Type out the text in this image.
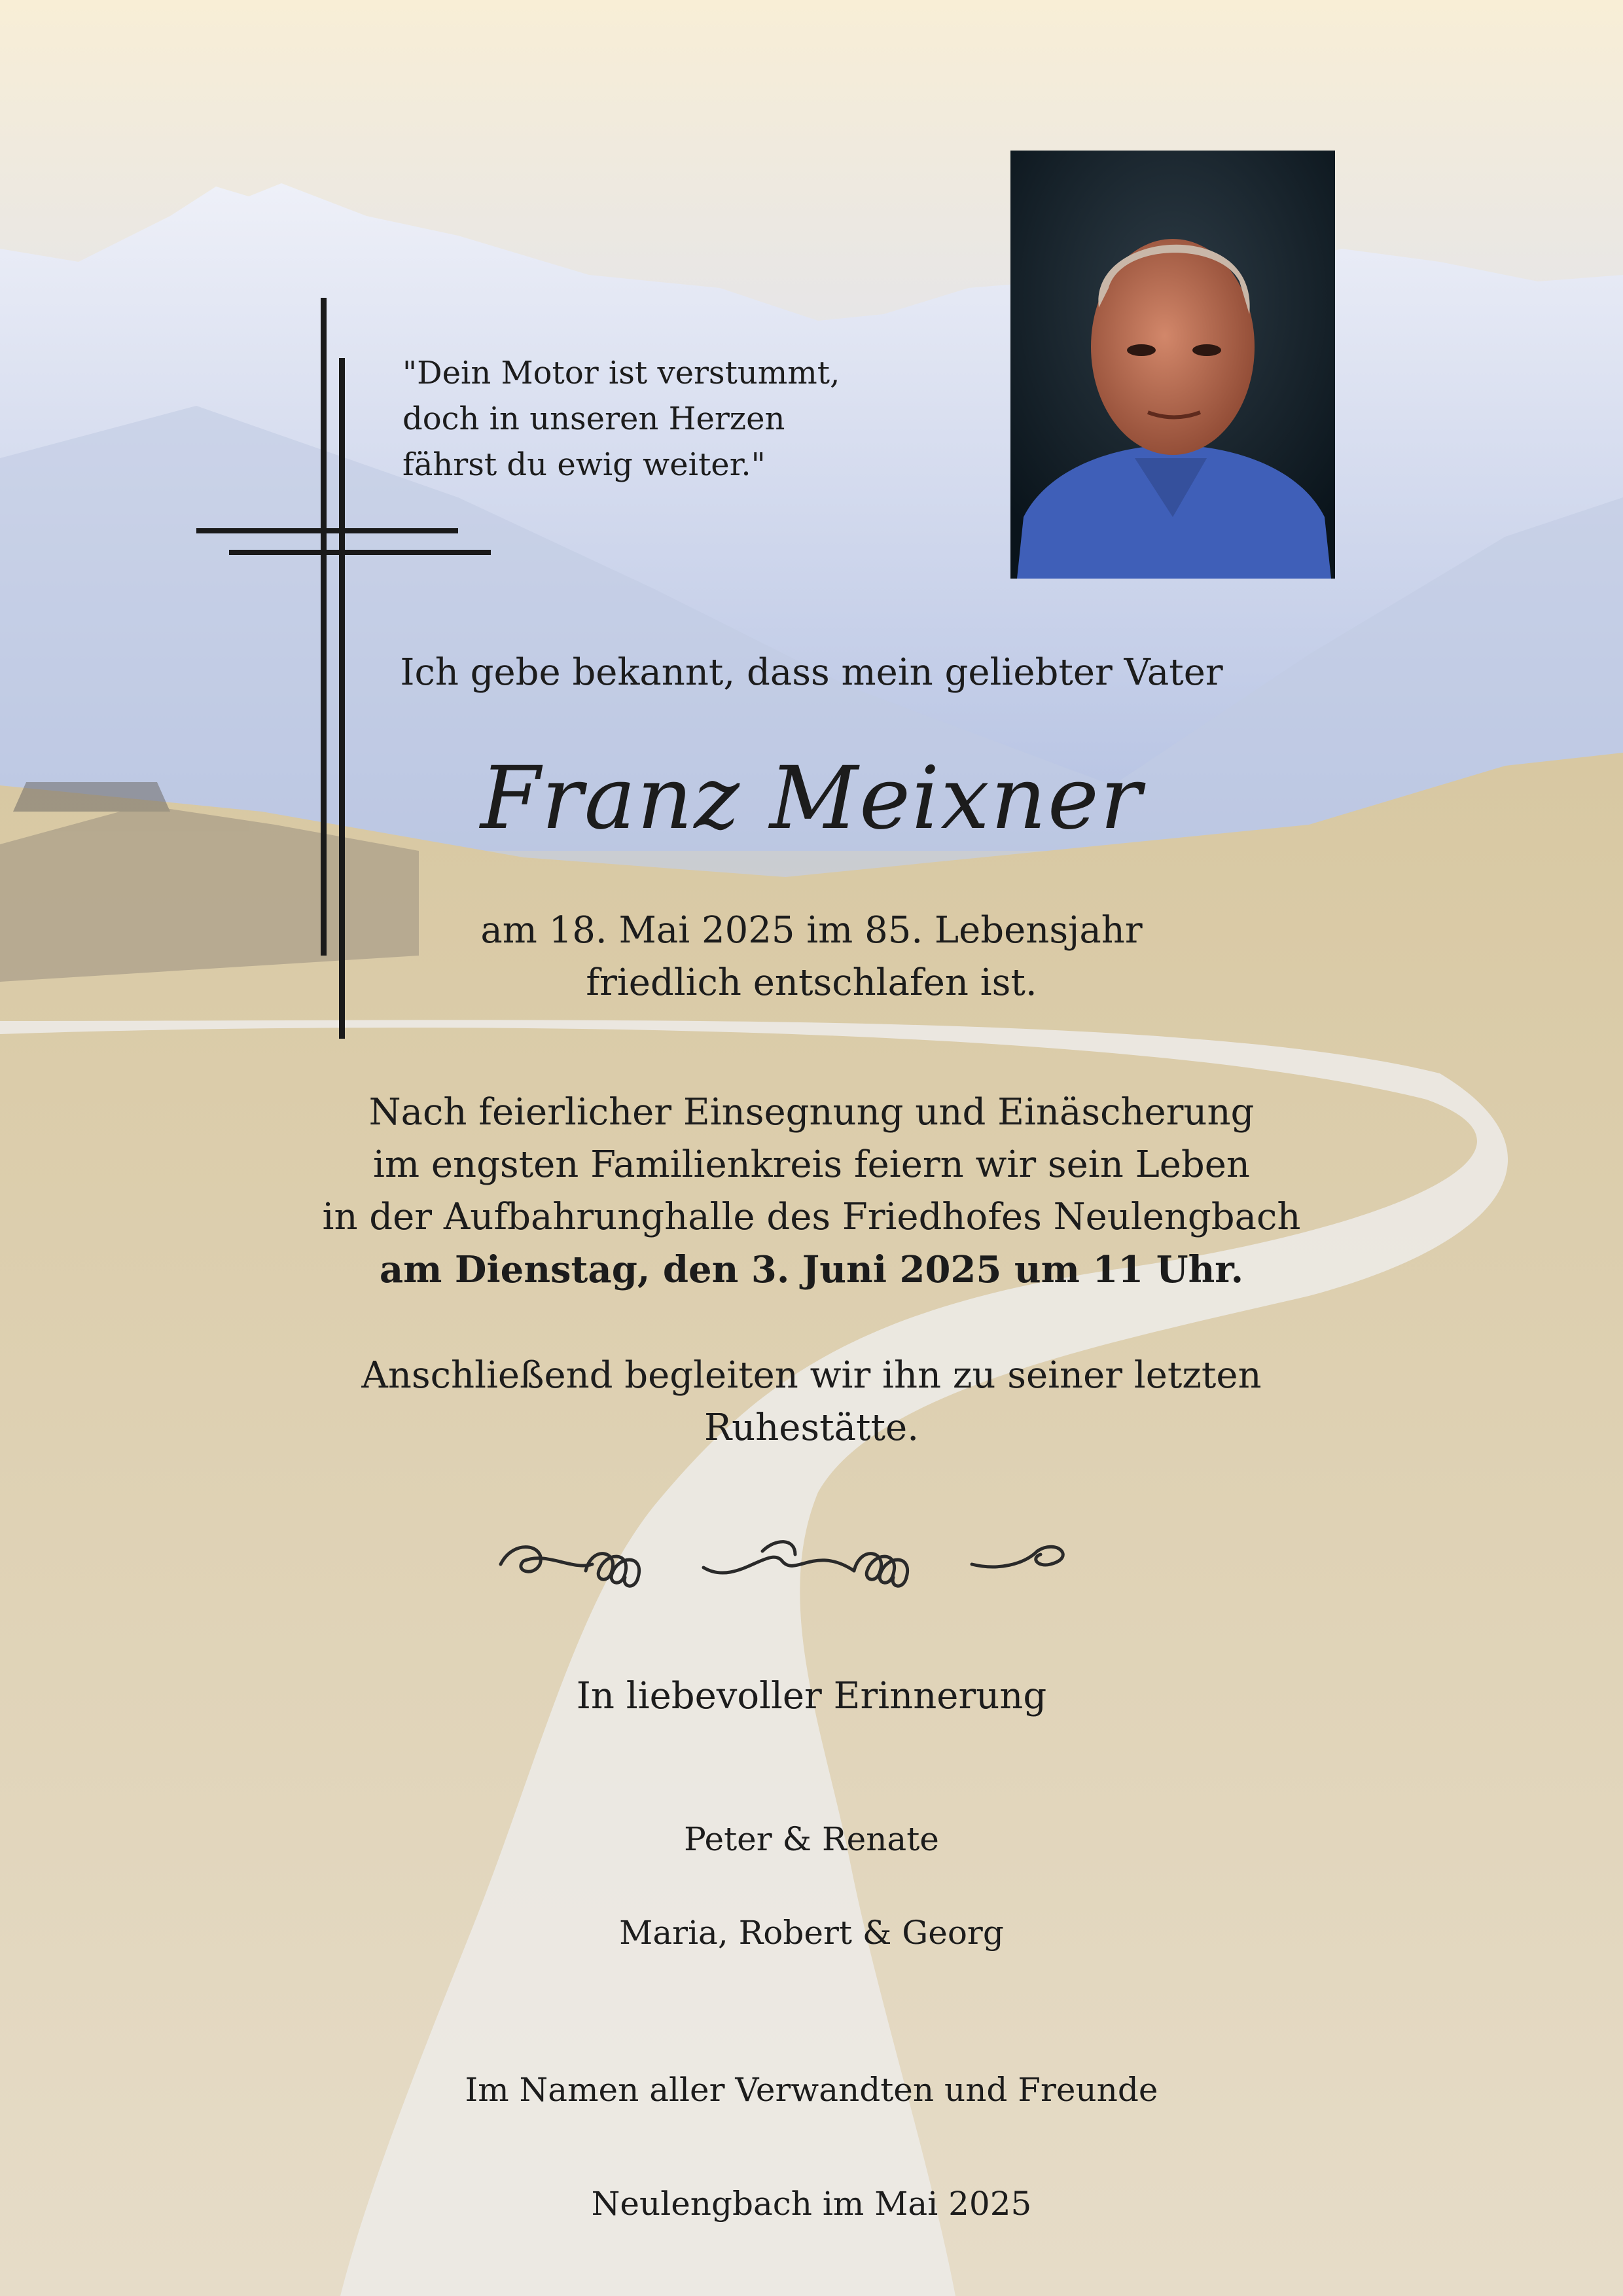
"Dein Motor ist verstummt,
doch in unseren Herzen
fährst du ewig weiter."
Ich gebe bekannt, dass mein geliebter Vater
Franz Meixner
am 18. Mai 2025 im 85. Lebensjahr
friedlich entschlafen ist.
Nach feierlicher Einsegnung und Einäscherung
im engsten Familienkreis feiern wir sein Leben
in der Aufbahrunghalle des Friedhofes Neulengbach
am Dienstag, den 3. Juni 2025 um 11 Uhr.
Anschließend begleiten wir ihn zu seiner letzten
Ruhestätte.
In liebevoller Erinnerung
Peter & Renate
Maria, Robert & Georg
Im Namen aller Verwandten und Freunde
Neulengbach im Mai 2025
